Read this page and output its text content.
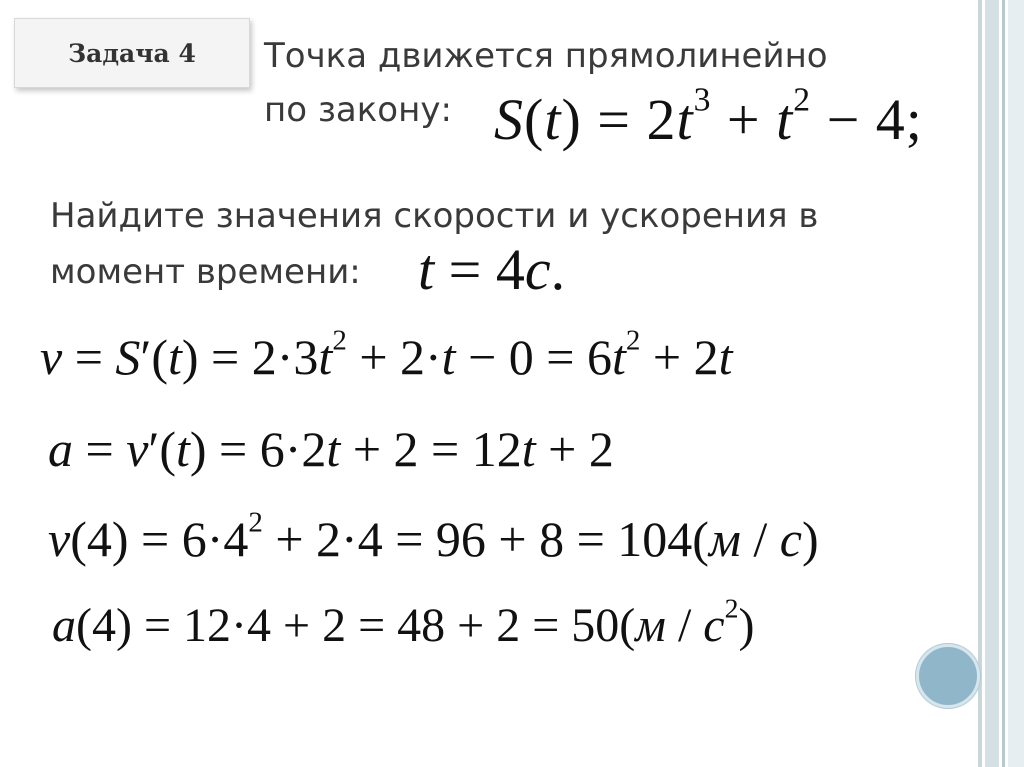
Задача 4	Точка движется прямолинейно
по закону: $S(t) = 2t^3 + t^2 - 4$;
Найдите значения скорости и ускорения в
момент времени: t = 4c.
$v = S'(t) = 2\cdot 3t^2 + 2\cdot t - 0 = 6t^2 + 2t$
a = v′(t) = 6·2t + 2 = 12t + 2
$v(4) = 6\cdot 4^2 + 2\cdot 4 = 96 + 8 = 104(м / с)$
$a(4) = 12\cdot 4 + 2 = 48 + 2 = 50(м / с^2)$
